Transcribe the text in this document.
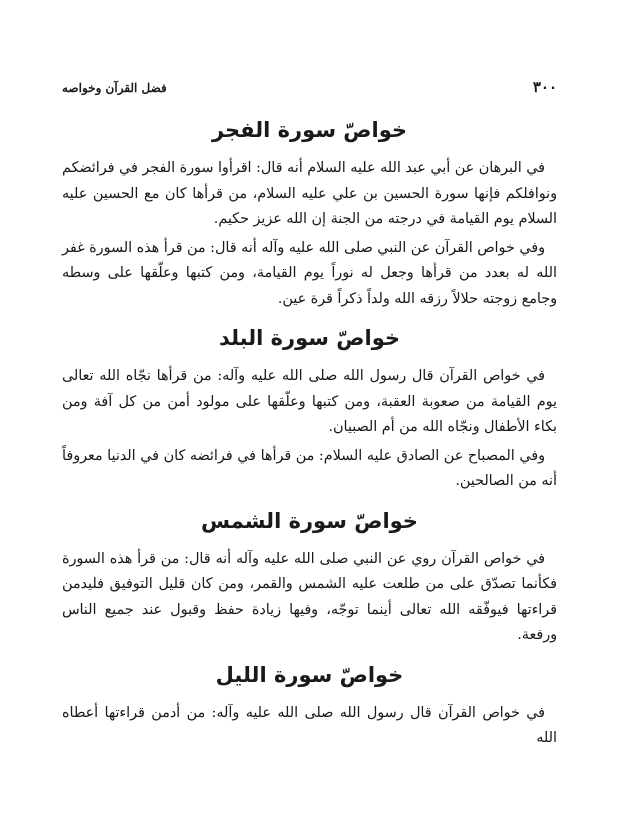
٣٠٠
فضل القرآن وخواصه
خواصّ سورة الفجر

في البرهان عن أبي عبد الله عليه السلام أنه قال: اقرأوا سورة الفجر في فرائضكم ونوافلكم فإنها سورة الحسين بن علي عليه السلام، من قرأها كان مع الحسين عليه السلام يوم القيامة في درجته من الجنة إن الله عزيز حكيم.

وفي خواص القرآن عن النبي صلى الله عليه وآله أنه قال: من قرأ هذه السورة غفر الله له بعدد من قرأها وجعل له نوراً يوم القيامة، ومن كتبها وعلّقها على وسطه وجامع زوجته حلالاً رزقه الله ولداً ذكراً قرة عين.

خواصّ سورة البلد

في خواص القرآن قال رسول الله صلى الله عليه وآله: من قرأها نجّاه الله تعالى يوم القيامة من صعوبة العقبة، ومن كتبها وعلّقها على مولود أمن من كل آفة ومن بكاء الأطفال ونجّاه الله من أم الصبيان.

وفي المصباح عن الصادق عليه السلام: من قرأها في فرائضه كان في الدنيا معروفاً أنه من الصالحين.

خواصّ سورة الشمس

في خواص القرآن روي عن النبي صلى الله عليه وآله أنه قال: من قرأ هذه السورة فكأنما تصدّق على من طلعت عليه الشمس والقمر، ومن كان قليل التوفيق فليدمن قراءتها فيوفّقه الله تعالى أينما توجّه، وفيها زيادة حفظ وقبول عند جميع الناس ورفعة.

خواصّ سورة الليل

في خواص القرآن قال رسول الله صلى الله عليه وآله: من أدمن قراءتها أعطاه الله
